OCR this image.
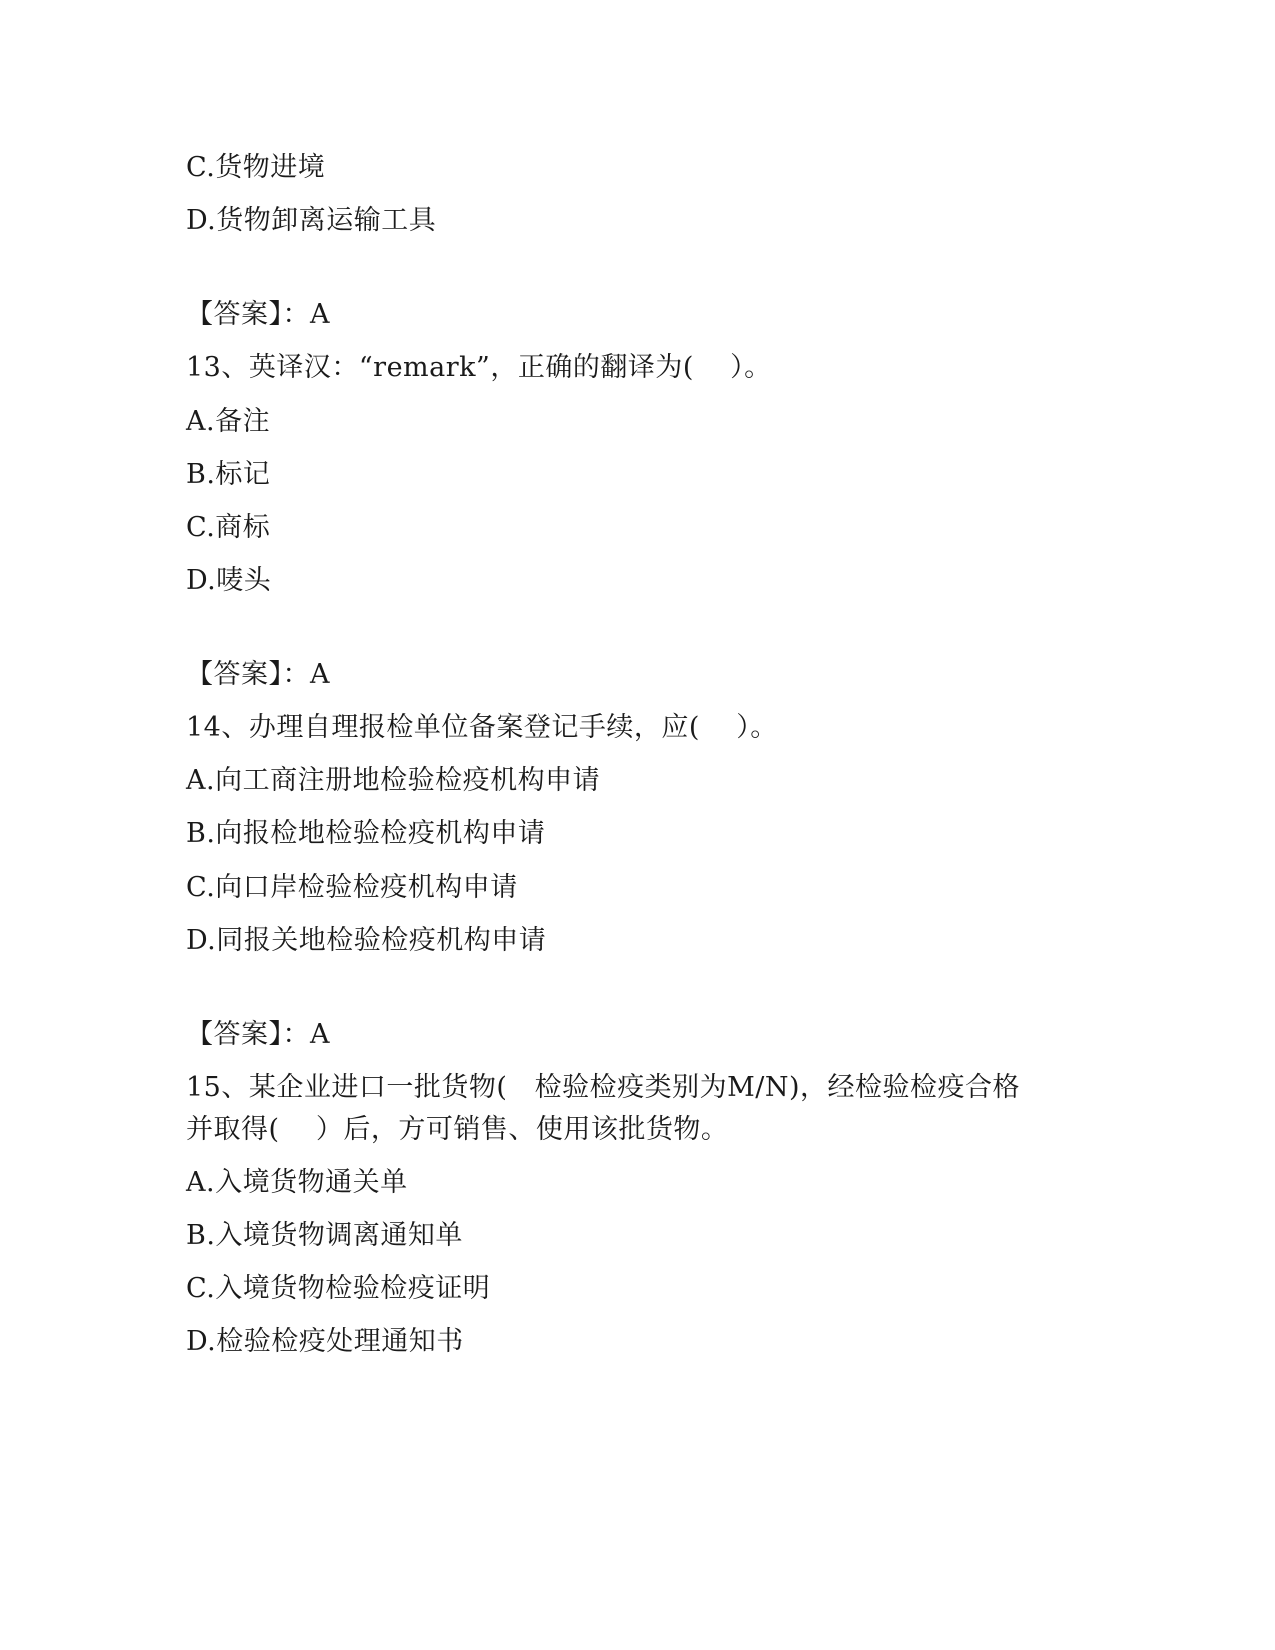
C.货物进境
D.货物卸离运输工具
【答案】：A
13、英译汉：“remark”，正确的翻译为(    ）。
A.备注
B.标记
C.商标
D.唛头
【答案】：A
14、办理自理报检单位备案登记手续，应(    ）。
A.向工商注册地检验检疫机构申请
B.向报检地检验检疫机构申请
C.向口岸检验检疫机构申请
D.同报关地检验检疫机构申请
【答案】：A
15、某企业进口一批货物(   检验检疫类别为M/N)，经检验检疫合格
并取得(    ）后，方可销售、使用该批货物。
A.入境货物通关单
B.入境货物调离通知单
C.入境货物检验检疫证明
D.检验检疫处理通知书
